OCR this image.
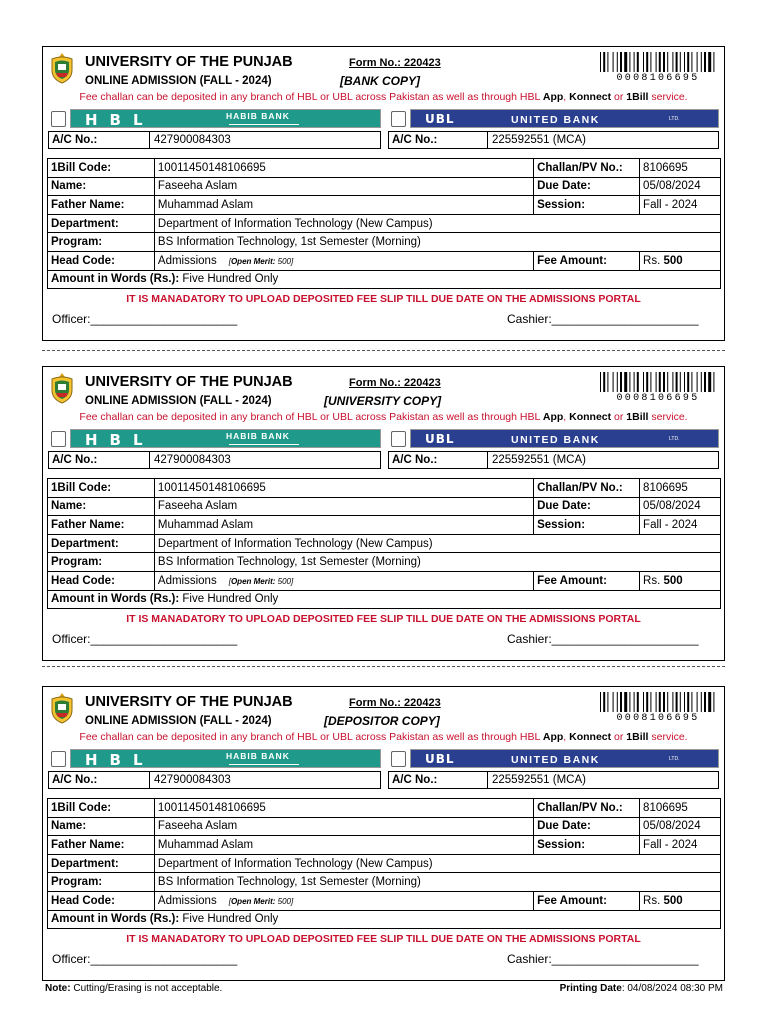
UNIVERSITY OF THE PUNJAB	Form No.: 220423
ONLINE ADMISSION (FALL - 2024)	[BANK COPY]	0008106695
Fee challan can be deposited in any branch of HBL or UBL across Pakistan as well as through HBL App, Konnect or 1Bill service.
HBL	HABIB BANK	UBL	UNITED BANK	LTD.
A/C No.:	427900084303	A/C No.:	225592551 (MCA)
1Bill Code:	10011450148106695	Challan/PV No.:	8106695
Name:	Faseeha Aslam	Due Date:	05/08/2024
Father Name:	Muhammad Aslam	Session:	Fall - 2024
Department:	Department of Information Technology (New Campus)		
Program:	BS Information Technology, 1st Semester (Morning)		
Head Code:	Admissions [Open Merit: 500]	Fee Amount:	Rs. 500
Amount in Words (Rs.): Five Hundred Only			
IT IS MANADATORY TO UPLOAD DEPOSITED FEE SLIP TILL DUE DATE ON THE ADMISSIONS PORTAL
Officer:______________________	Cashier:______________________
UNIVERSITY OF THE PUNJAB	Form No.: 220423
ONLINE ADMISSION (FALL - 2024)	[UNIVERSITY COPY]	0008106695
Fee challan can be deposited in any branch of HBL or UBL across Pakistan as well as through HBL App, Konnect or 1Bill service.
HBL	HABIB BANK	UBL	UNITED BANK	LTD.
A/C No.:	427900084303	A/C No.:	225592551 (MCA)
1Bill Code:	10011450148106695	Challan/PV No.:	8106695
Name:	Faseeha Aslam	Due Date:	05/08/2024
Father Name:	Muhammad Aslam	Session:	Fall - 2024
Department:	Department of Information Technology (New Campus)		
Program:	BS Information Technology, 1st Semester (Morning)		
Head Code:	Admissions [Open Merit: 500]	Fee Amount:	Rs. 500
Amount in Words (Rs.): Five Hundred Only			
IT IS MANADATORY TO UPLOAD DEPOSITED FEE SLIP TILL DUE DATE ON THE ADMISSIONS PORTAL
Officer:______________________	Cashier:______________________
UNIVERSITY OF THE PUNJAB	Form No.: 220423
ONLINE ADMISSION (FALL - 2024)	[DEPOSITOR COPY]	0008106695
Fee challan can be deposited in any branch of HBL or UBL across Pakistan as well as through HBL App, Konnect or 1Bill service.
HBL	HABIB BANK	UBL	UNITED BANK	LTD.
A/C No.:	427900084303	A/C No.:	225592551 (MCA)
1Bill Code:	10011450148106695	Challan/PV No.:	8106695
Name:	Faseeha Aslam	Due Date:	05/08/2024
Father Name:	Muhammad Aslam	Session:	Fall - 2024
Department:	Department of Information Technology (New Campus)		
Program:	BS Information Technology, 1st Semester (Morning)		
Head Code:	Admissions [Open Merit: 500]	Fee Amount:	Rs. 500
Amount in Words (Rs.): Five Hundred Only			
IT IS MANADATORY TO UPLOAD DEPOSITED FEE SLIP TILL DUE DATE ON THE ADMISSIONS PORTAL
Officer:______________________	Cashier:______________________
Note: Cutting/Erasing is not acceptable.	Printing Date: 04/08/2024 08:30 PM
